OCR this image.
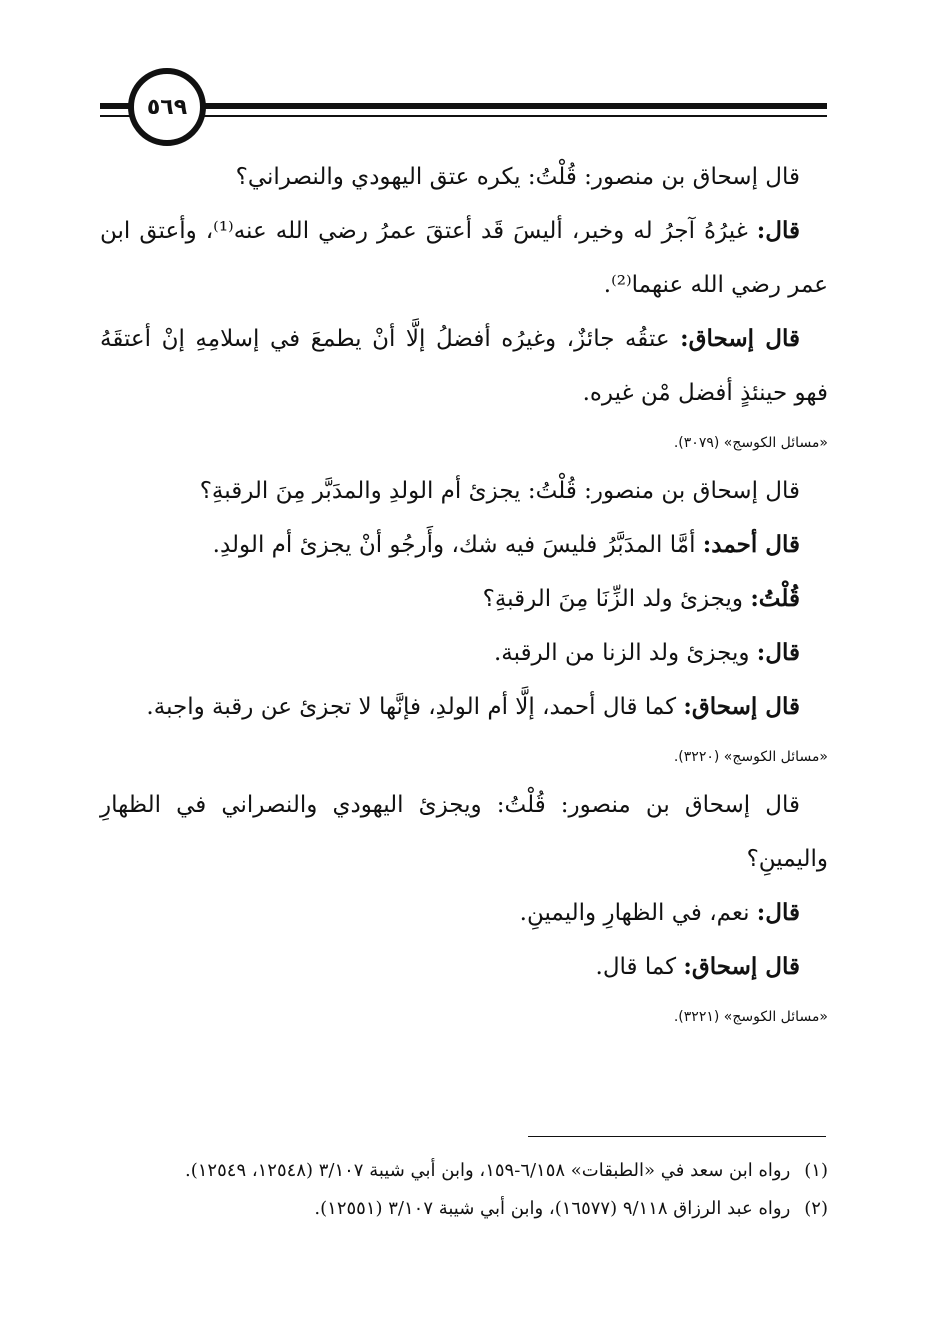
٥٦٩

قال إسحاق بن منصور: قُلْتُ: يكره عتق اليهودي والنصراني؟

قال: غيرُهُ آجرُ له وخير، أليسَ قَد أعتقَ عمرُ رضي الله عنه⁽¹⁾، وأعتق ابن عمر رضي الله عنهما⁽²⁾.

قال إسحاق: عتقُه جائزٌ، وغيرُه أفضلُ إلَّا أنْ يطمعَ في إسلامِهِ إنْ أعتقَهُ فهو حينئذٍ أفضل مْن غيره.

«مسائل الكوسج» (٣٠٧٩).

قال إسحاق بن منصور: قُلْتُ: يجزئ أم الولدِ والمدَبَّر مِنَ الرقبةِ؟

قال أحمد: أمَّا المدَبَّرُ فليسَ فيه شك، وأَرجُو أنْ يجزئ أم الولدِ.

قُلْتُ: ويجزئ ولد الزِّنَا مِنَ الرقبةِ؟

قال: ويجزئ ولد الزنا من الرقبة.

قال إسحاق: كما قال أحمد، إلَّا أم الولدِ، فإنَّها لا تجزئ عن رقبة واجبة.

«مسائل الكوسج» (٣٢٢٠).

قال إسحاق بن منصور: قُلْتُ: ويجزئ اليهودي والنصراني في الظهارِ واليمينِ؟

قال: نعم، في الظهارِ واليمينِ.

قال إسحاق: كما قال.

«مسائل الكوسج» (٣٢٢١).

(١)
رواه ابن سعد في «الطبقات» ٦/١٥٨-١٥٩، وابن أبي شيبة ٣/١٠٧ (١٢٥٤٨، ١٢٥٤٩).
(٢)
رواه عبد الرزاق ٩/١١٨ (١٦٥٧٧)، وابن أبي شيبة ٣/١٠٧ (١٢٥٥١).
